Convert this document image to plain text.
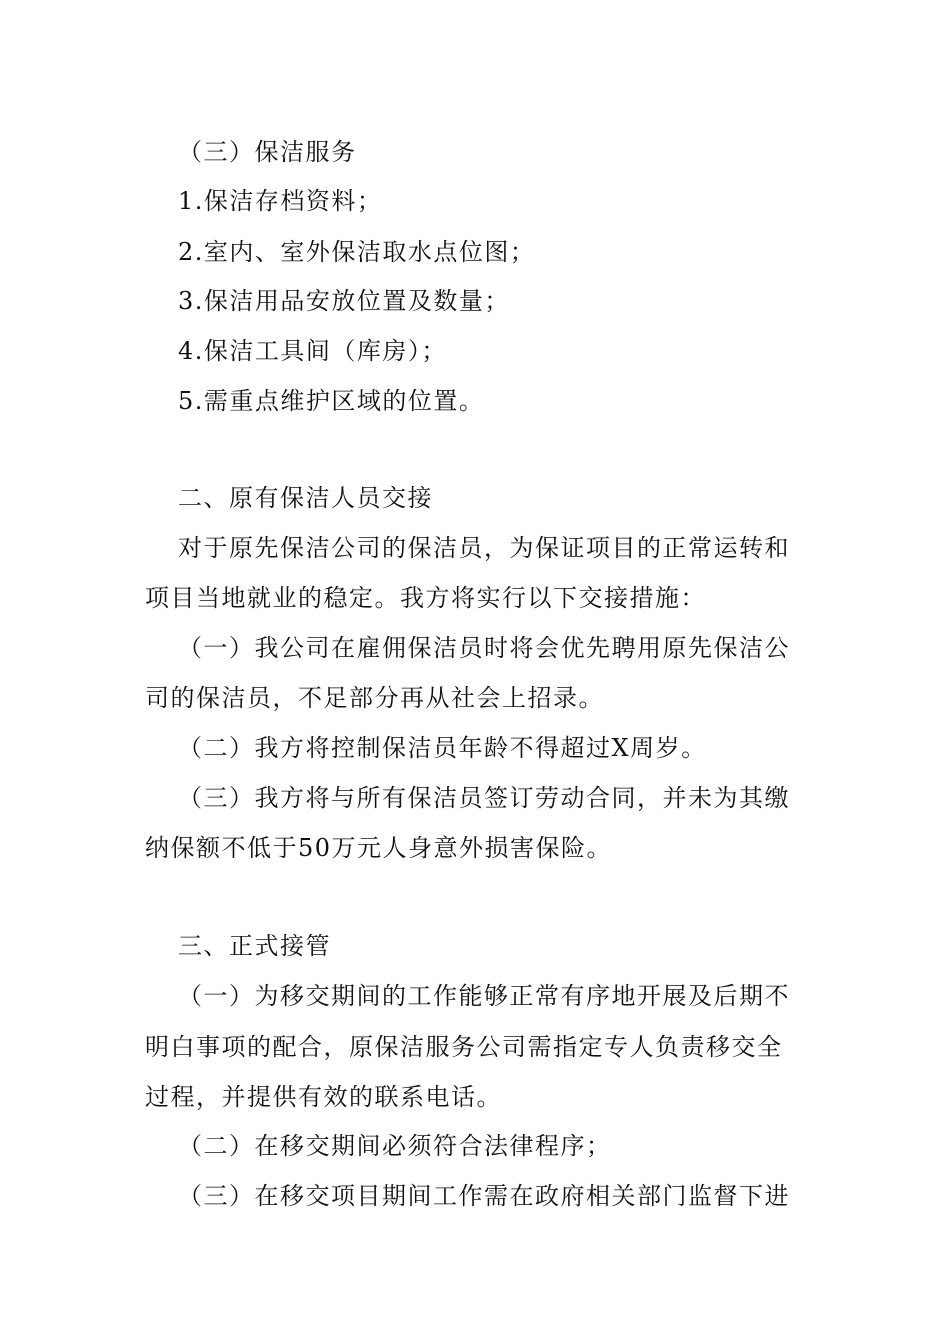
（三）保洁服务
1.保洁存档资料；
2.室内、室外保洁取水点位图；
3.保洁用品安放位置及数量；
4.保洁工具间（库房）；
5.需重点维护区域的位置。
二、原有保洁人员交接
对于原先保洁公司的保洁员，为保证项目的正常运转和
项目当地就业的稳定。我方将实行以下交接措施：
（一）我公司在雇佣保洁员时将会优先聘用原先保洁公
司的保洁员，不足部分再从社会上招录。
（二）我方将控制保洁员年龄不得超过X周岁。
（三）我方将与所有保洁员签订劳动合同，并未为其缴
纳保额不低于50万元人身意外损害保险。
三、正式接管
（一）为移交期间的工作能够正常有序地开展及后期不
明白事项的配合，原保洁服务公司需指定专人负责移交全
过程，并提供有效的联系电话。
（二）在移交期间必须符合法律程序；
（三）在移交项目期间工作需在政府相关部门监督下进
